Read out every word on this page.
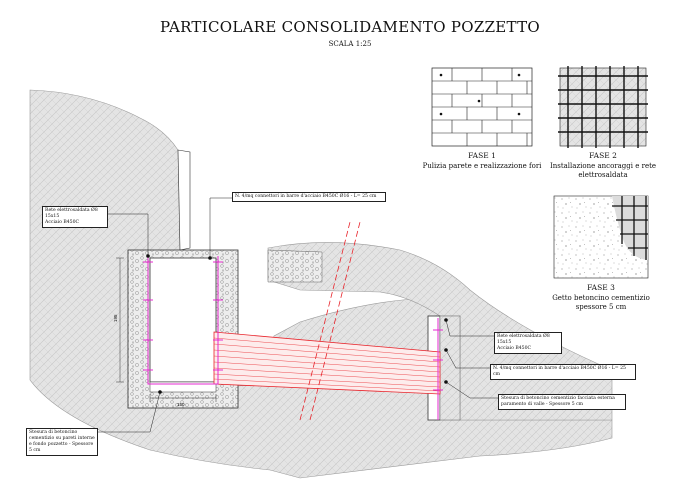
195
150
PARTICOLARE CONSOLIDAMENTO POZZETTO
SCALA 1:25
FASE 1
Pulizia parete e realizzazione fori
FASE 2
Installazione ancoraggi e rete elettrosaldata
FASE 3
Getto betoncino cementizio spessore 5 cm
Rete elettrosaldata Ø8 15x15
Acciaio B450C
N. 4/mq connettori in barre d'acciaio B450C Ø16 - L= 25 cm
Stesura di betoncino cementizio su pareti interne e fondo pozzetto - Spessore 5 cm
Rete elettrosaldata Ø8 15x15
Acciaio B450C
N. 4/mq connettori in barre d'acciaio B450C Ø16 - L= 25 cm
Stesura di betoncino cementizio facciata esterna paramento di valle - Spessore 5 cm
